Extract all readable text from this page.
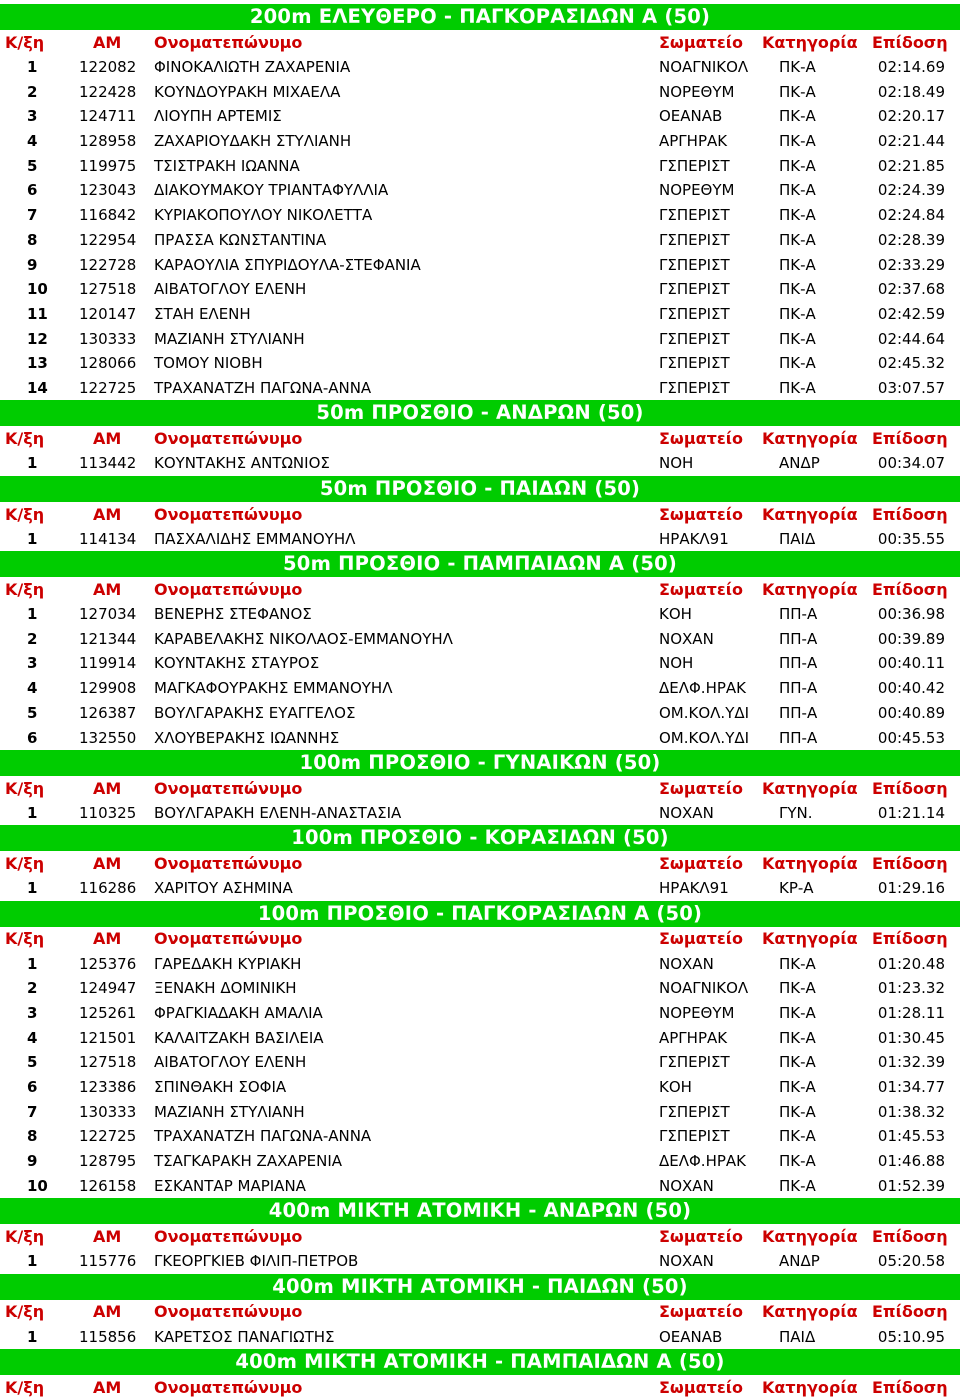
200m ΕΛΕΥΘΕΡΟ - ΠΑΓΚΟΡΑΣΙΔΩΝ Α (50)
Κ/ξη	ΑΜ	Ονοματεπώνυμο	Σωματείο	Κατηγορία Επίδοση
1	122082	ΦΙΝΟΚΑΛΙΩΤΗ ΖΑΧΑΡΕΝΙΑ	ΝΟΑΓΝΙΚΟΛ	ΠΚ-Α	02:14.69
2	122428	ΚΟΥΝΔΟΥΡΑΚΗ ΜΙΧΑΕΛΑ	ΝΟΡΕΘΥΜ	ΠΚ-Α	02:18.49
3	124711	ΛΙΟΥΠΗ ΑΡΤΕΜΙΣ	ΟΕΑΝΑΒ	ΠΚ-Α	02:20.17
4	128958	ΖΑΧΑΡΙΟΥΔΑΚΗ ΣΤΥΛΙΑΝΗ	ΑΡΓΗΡΑΚ	ΠΚ-Α	02:21.44
5	119975	ΤΣΙΣΤΡΑΚΗ ΙΩΑΝΝΑ	ΓΣΠΕΡΙΣΤ	ΠΚ-Α	02:21.85
6	123043	ΔΙΑΚΟΥΜΑΚΟΥ ΤΡΙΑΝΤΑΦΥΛΛΙΑ	ΝΟΡΕΘΥΜ	ΠΚ-Α	02:24.39
7	116842	ΚΥΡΙΑΚΟΠΟΥΛΟΥ ΝΙΚΟΛΕΤΤΑ	ΓΣΠΕΡΙΣΤ	ΠΚ-Α	02:24.84
8	122954	ΠΡΑΣΣΑ ΚΩΝΣΤΑΝΤΙΝΑ	ΓΣΠΕΡΙΣΤ	ΠΚ-Α	02:28.39
9	122728	ΚΑΡΑΟΥΛΙΑ ΣΠΥΡΙΔΟΥΛΑ-ΣΤΕΦΑΝΙΑ	ΓΣΠΕΡΙΣΤ	ΠΚ-Α	02:33.29
10	127518	ΑΙΒΑΤΟΓΛΟΥ ΕΛΕΝΗ	ΓΣΠΕΡΙΣΤ	ΠΚ-Α	02:37.68
11	120147	ΣΤΑΗ ΕΛΕΝΗ	ΓΣΠΕΡΙΣΤ	ΠΚ-Α	02:42.59
12	130333	ΜΑΖΙΑΝΗ ΣΤΥΛΙΑΝΗ	ΓΣΠΕΡΙΣΤ	ΠΚ-Α	02:44.64
13	128066	ΤΟΜΟΥ ΝΙΟΒΗ	ΓΣΠΕΡΙΣΤ	ΠΚ-Α	02:45.32
14	122725	ΤΡΑΧΑΝΑΤΖΗ ΠΑΓΩΝΑ-ΑΝΝΑ	ΓΣΠΕΡΙΣΤ	ΠΚ-Α	03:07.57
50m ΠΡΟΣΘΙΟ - ΑΝΔΡΩΝ (50)
Κ/ξη	ΑΜ	Ονοματεπώνυμο	Σωματείο	Κατηγορία Επίδοση
1	113442	ΚΟΥΝΤΑΚΗΣ ΑΝΤΩΝΙΟΣ	ΝΟΗ	ΑΝΔΡ	00:34.07
50m ΠΡΟΣΘΙΟ - ΠΑΙΔΩΝ (50)
Κ/ξη	ΑΜ	Ονοματεπώνυμο	Σωματείο	Κατηγορία Επίδοση
1	114134	ΠΑΣΧΑΛΙΔΗΣ ΕΜΜΑΝΟΥΗΛ	ΗΡΑΚΛ91	ΠΑΙΔ	00:35.55
50m ΠΡΟΣΘΙΟ - ΠΑΜΠΑΙΔΩΝ Α (50)
Κ/ξη	ΑΜ	Ονοματεπώνυμο	Σωματείο	Κατηγορία Επίδοση
1	127034	ΒΕΝΕΡΗΣ ΣΤΕΦΑΝΟΣ	ΚΟΗ	ΠΠ-Α	00:36.98
2	121344	ΚΑΡΑΒΕΛΑΚΗΣ ΝΙΚΟΛΑΟΣ-ΕΜΜΑΝΟΥΗΛ	ΝΟΧΑΝ	ΠΠ-Α	00:39.89
3	119914	ΚΟΥΝΤΑΚΗΣ ΣΤΑΥΡΟΣ	ΝΟΗ	ΠΠ-Α	00:40.11
4	129908	ΜΑΓΚΑΦΟΥΡΑΚΗΣ ΕΜΜΑΝΟΥΗΛ	ΔΕΛΦ.ΗΡΑΚ	ΠΠ-Α	00:40.42
5	126387	ΒΟΥΛΓΑΡΑΚΗΣ ΕΥΑΓΓΕΛΟΣ	ΟΜ.ΚΟΛ.ΥΔΙ	ΠΠ-Α	00:40.89
6	132550	ΧΛΟΥΒΕΡΑΚΗΣ ΙΩΑΝΝΗΣ	ΟΜ.ΚΟΛ.ΥΔΙ	ΠΠ-Α	00:45.53
100m ΠΡΟΣΘΙΟ - ΓΥΝΑΙΚΩΝ (50)
Κ/ξη	ΑΜ	Ονοματεπώνυμο	Σωματείο	Κατηγορία Επίδοση
1	110325	ΒΟΥΛΓΑΡΑΚΗ ΕΛΕΝΗ-ΑΝΑΣΤΑΣΙΑ	ΝΟΧΑΝ	ΓΥΝ.	01:21.14
100m ΠΡΟΣΘΙΟ - ΚΟΡΑΣΙΔΩΝ (50)
Κ/ξη	ΑΜ	Ονοματεπώνυμο	Σωματείο	Κατηγορία Επίδοση
1	116286	ΧΑΡΙΤΟΥ ΑΣΗΜΙΝΑ	ΗΡΑΚΛ91	ΚΡ-Α	01:29.16
100m ΠΡΟΣΘΙΟ - ΠΑΓΚΟΡΑΣΙΔΩΝ Α (50)
Κ/ξη	ΑΜ	Ονοματεπώνυμο	Σωματείο	Κατηγορία Επίδοση
1	125376	ΓΑΡΕΔΑΚΗ ΚΥΡΙΑΚΗ	ΝΟΧΑΝ	ΠΚ-Α	01:20.48
2	124947	ΞΕΝΑΚΗ ΔΟΜΙΝΙΚΗ	ΝΟΑΓΝΙΚΟΛ	ΠΚ-Α	01:23.32
3	125261	ΦΡΑΓΚΙΑΔΑΚΗ ΑΜΑΛΙΑ	ΝΟΡΕΘΥΜ	ΠΚ-Α	01:28.11
4	121501	ΚΑΛΑΙΤΖΑΚΗ ΒΑΣΙΛΕΙΑ	ΑΡΓΗΡΑΚ	ΠΚ-Α	01:30.45
5	127518	ΑΙΒΑΤΟΓΛΟΥ ΕΛΕΝΗ	ΓΣΠΕΡΙΣΤ	ΠΚ-Α	01:32.39
6	123386	ΣΠΙΝΘΑΚΗ ΣΟΦΙΑ	ΚΟΗ	ΠΚ-Α	01:34.77
7	130333	ΜΑΖΙΑΝΗ ΣΤΥΛΙΑΝΗ	ΓΣΠΕΡΙΣΤ	ΠΚ-Α	01:38.32
8	122725	ΤΡΑΧΑΝΑΤΖΗ ΠΑΓΩΝΑ-ΑΝΝΑ	ΓΣΠΕΡΙΣΤ	ΠΚ-Α	01:45.53
9	128795	ΤΣΑΓΚΑΡΑΚΗ ΖΑΧΑΡΕΝΙΑ	ΔΕΛΦ.ΗΡΑΚ	ΠΚ-Α	01:46.88
10	126158	ΕΣΚΑΝΤΑΡ ΜΑΡΙΑΝΑ	ΝΟΧΑΝ	ΠΚ-Α	01:52.39
400m ΜΙΚΤΗ ΑΤΟΜΙΚΗ - ΑΝΔΡΩΝ (50)
Κ/ξη	ΑΜ	Ονοματεπώνυμο	Σωματείο	Κατηγορία Επίδοση
1	115776	ΓΚΕΟΡΓΚΙΕΒ ΦΙΛΙΠ-ΠΕΤΡΟΒ	ΝΟΧΑΝ	ΑΝΔΡ	05:20.58
400m ΜΙΚΤΗ ΑΤΟΜΙΚΗ - ΠΑΙΔΩΝ (50)
Κ/ξη	ΑΜ	Ονοματεπώνυμο	Σωματείο	Κατηγορία Επίδοση
1	115856	ΚΑΡΕΤΣΟΣ ΠΑΝΑΓΙΩΤΗΣ	ΟΕΑΝΑΒ	ΠΑΙΔ	05:10.95
400m ΜΙΚΤΗ ΑΤΟΜΙΚΗ - ΠΑΜΠΑΙΔΩΝ Α (50)
Κ/ξη	ΑΜ	Ονοματεπώνυμο	Σωματείο	Κατηγορία Επίδοση
